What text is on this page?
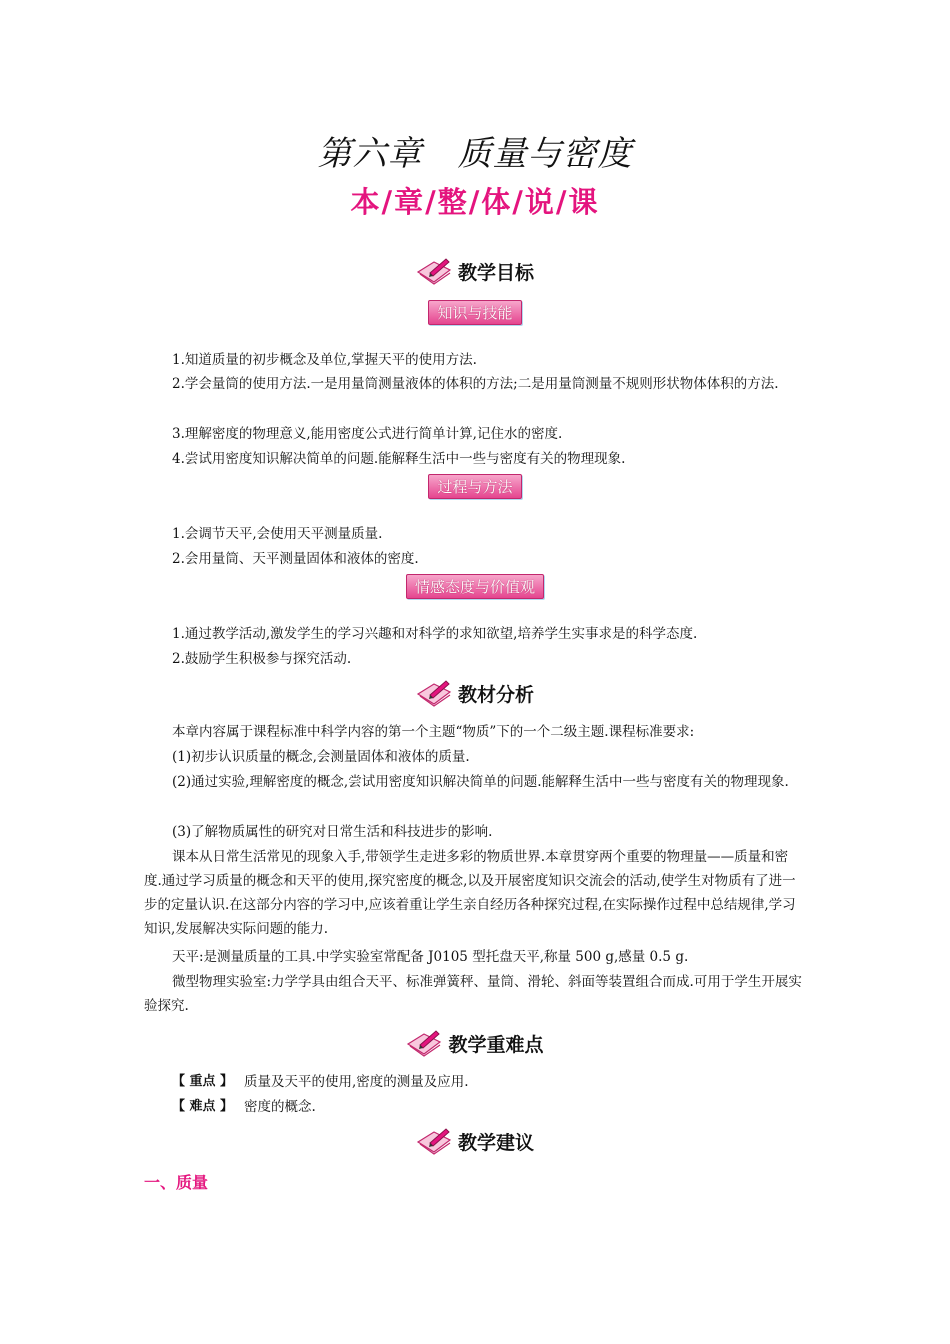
第六章　质量与密度
本/章/整/体/说/课
教学目标
知识与技能

1.知道质量的初步概念及单位,掌握天平的使用方法.

2.学会量筒的使用方法.一是用量筒测量液体的体积的方法;二是用量筒测量不规则形状物体体积的方法.

3.理解密度的物理意义,能用密度公式进行简单计算,记住水的密度.

4.尝试用密度知识解决简单的问题.能解释生活中一些与密度有关的物理现象.

过程与方法

1.会调节天平,会使用天平测量质量.

2.会用量筒、天平测量固体和液体的密度.

情感态度与价值观

1.通过教学活动,激发学生的学习兴趣和对科学的求知欲望,培养学生实事求是的科学态度.

2.鼓励学生积极参与探究活动.

教材分析

本章内容属于课程标准中科学内容的第一个主题“物质”下的一个二级主题.课程标准要求:

(1)初步认识质量的概念,会测量固体和液体的质量.

(2)通过实验,理解密度的概念,尝试用密度知识解决简单的问题.能解释生活中一些与密度有关的物理现象.

(3)了解物质属性的研究对日常生活和科技进步的影响.

课本从日常生活常见的现象入手,带领学生走进多彩的物质世界.本章贯穿两个重要的物理量——质量和密度.通过学习质量的概念和天平的使用,探究密度的概念,以及开展密度知识交流会的活动,使学生对物质有了进一步的定量认识.在这部分内容的学习中,应该着重让学生亲自经历各种探究过程,在实际操作过程中总结规律,学习知识,发展解决实际问题的能力.

天平:是测量质量的工具.中学实验室常配备 J0105 型托盘天平,称量 500 g,感量 0.5 g.

微型物理实验室:力学学具由组合天平、标准弹簧秤、量筒、滑轮、斜面等装置组合而成.可用于学生开展实验探究.

教学重难点
【 重点 】 质量及天平的使用,密度的测量及应用.
【 难点 】 密度的概念.
教学建议
一、质量
